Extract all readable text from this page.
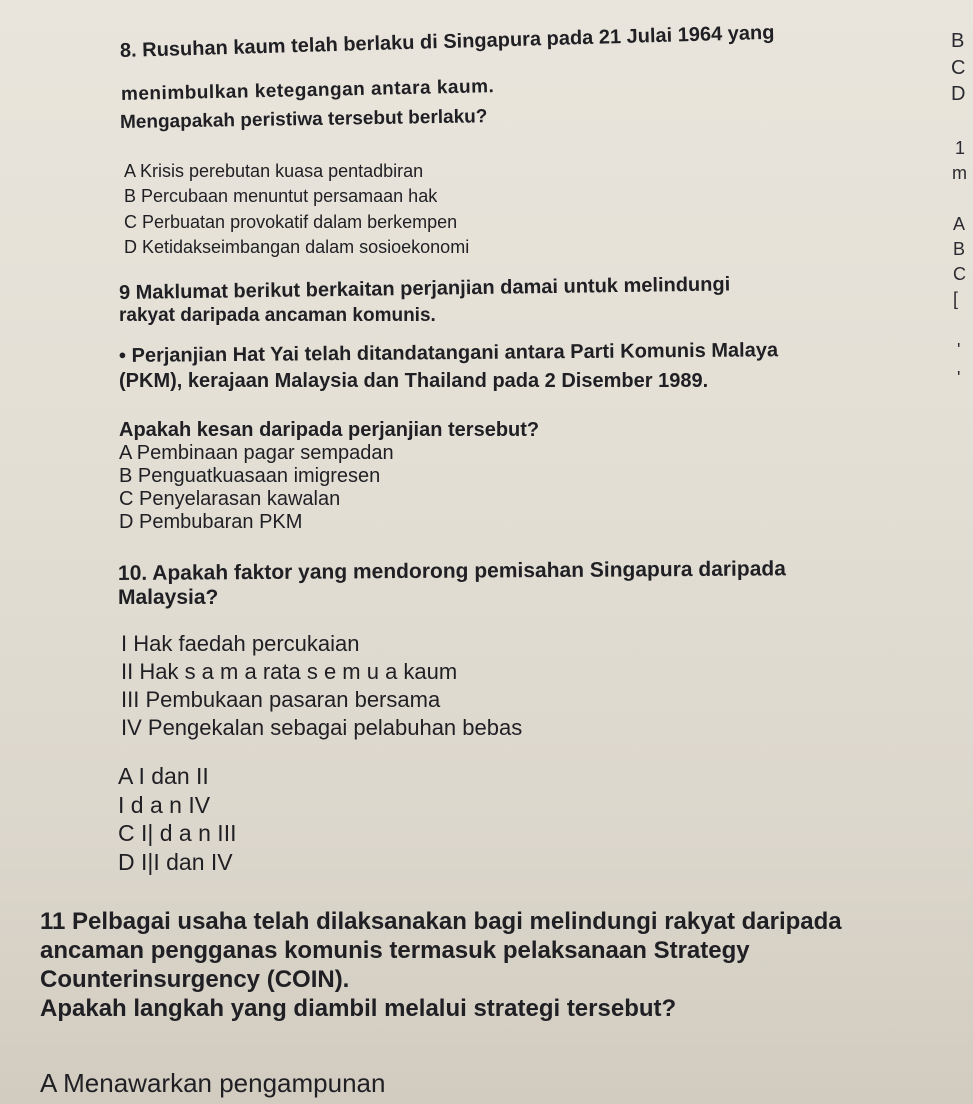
8. Rusuhan kaum telah berlaku di Singapura pada 21 Julai 1964 yang
menimbulkan ketegangan antara kaum.
Mengapakah peristiwa tersebut berlaku?
A Krisis perebutan kuasa pentadbiran
B Percubaan menuntut persamaan hak
C Perbuatan provokatif dalam berkempen
D Ketidakseimbangan dalam sosioekonomi
9 Maklumat berikut berkaitan perjanjian damai untuk melindungi
rakyat daripada ancaman komunis.
• Perjanjian Hat Yai telah ditandatangani antara Parti Komunis Malaya
(PKM), kerajaan Malaysia dan Thailand pada 2 Disember 1989.
Apakah kesan daripada perjanjian tersebut?
A Pembinaan pagar sempadan
B Penguatkuasaan imigresen
C Penyelarasan kawalan
D Pembubaran PKM
10. Apakah faktor yang mendorong pemisahan Singapura daripada
Malaysia?
I Hak faedah percukaian
II Hak s a m a rata s e m u a kaum
III Pembukaan pasaran bersama
IV Pengekalan sebagai pelabuhan bebas
A I dan II
I d a n IV
C I| d a n III
D I|I dan IV
11 Pelbagai usaha telah dilaksanakan bagi melindungi rakyat daripada
ancaman pengganas komunis termasuk pelaksanaan Strategy
Counterinsurgency (COIN).
Apakah langkah yang diambil melalui strategi tersebut?
A Menawarkan pengampunan
B
C
D
1
m
A
B
C
[
'
'
